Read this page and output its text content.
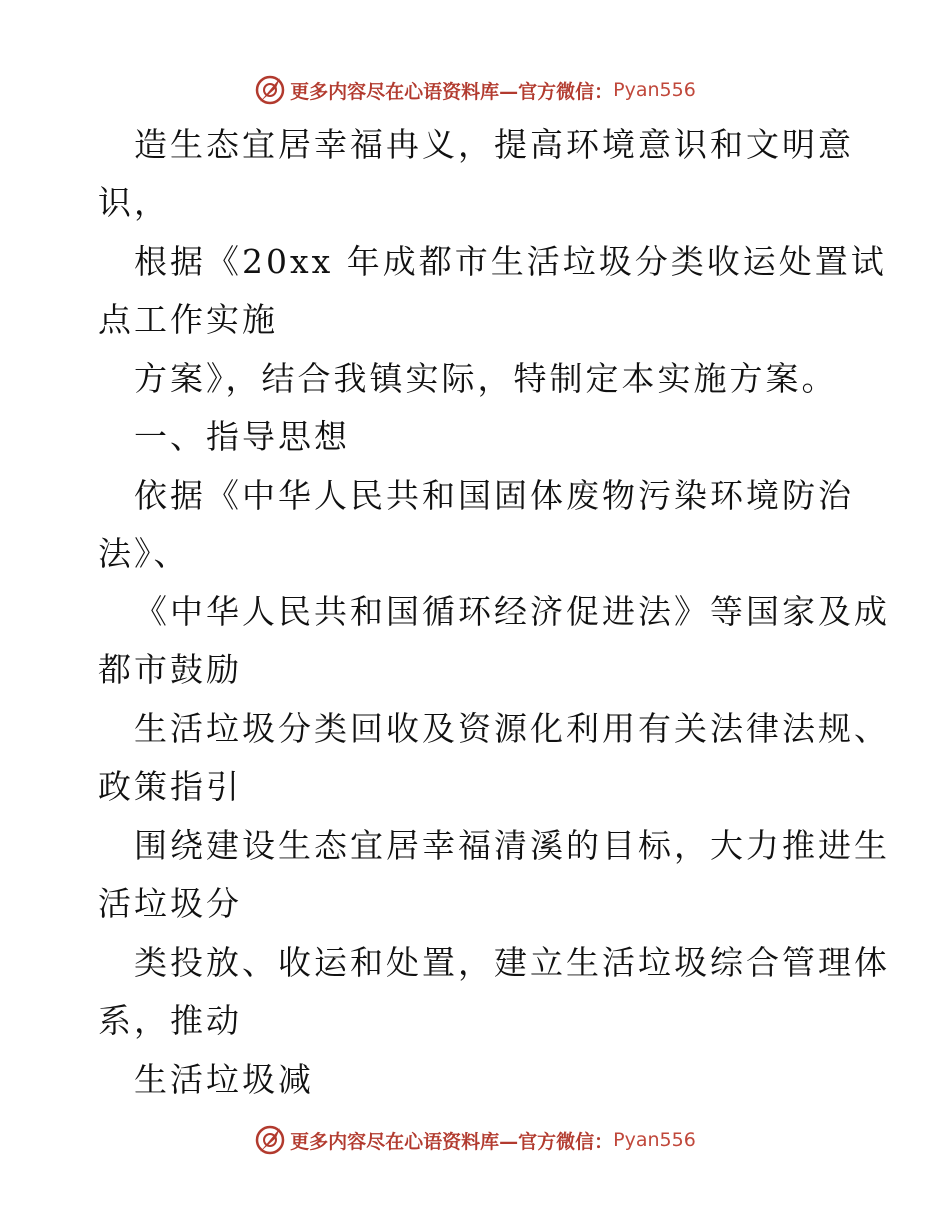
更多内容尽在心语资料库—官方微信： Pyan556
造生态宜居幸福冉义，提高环境意识和文明意
识，
根据《20xx 年成都市生活垃圾分类收运处置试
点工作实施
方案》，结合我镇实际，特制定本实施方案。
一、指导思想
依据《中华人民共和国固体废物污染环境防治
法》、
《中华人民共和国循环经济促进法》等国家及成
都市鼓励
生活垃圾分类回收及资源化利用有关法律法规、
政策指引
围绕建设生态宜居幸福清溪的目标，大力推进生
活垃圾分
类投放、收运和处置，建立生活垃圾综合管理体
系，推动
生活垃圾减
更多内容尽在心语资料库—官方微信： Pyan556
